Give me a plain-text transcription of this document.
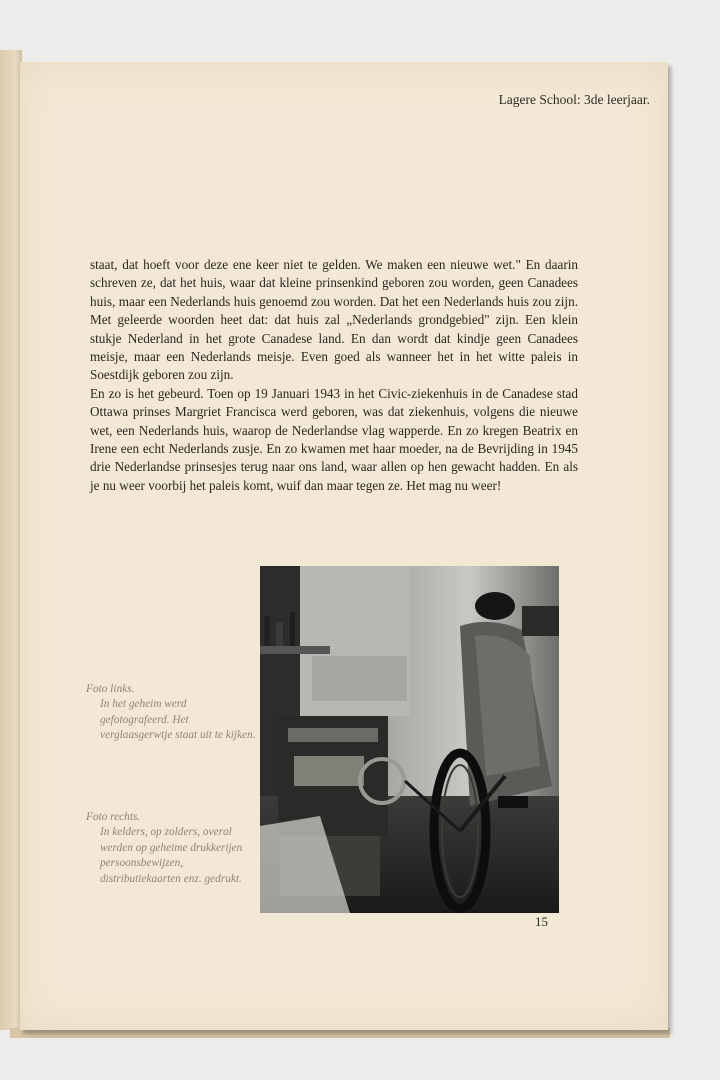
Lagere School: 3de leerjaar.

staat, dat hoeft voor deze ene keer niet te gelden. We maken een nieuwe wet." En daarin schreven ze, dat het huis, waar dat kleine prinsenkind geboren zou worden, geen Canadees huis, maar een Nederlands huis genoemd zou worden. Dat het een Nederlands huis zou zijn. Met geleerde woorden heet dat: dat huis zal „Nederlands grondgebied" zijn. Een klein stukje Nederland in het grote Canadese land. En dan wordt dat kindje geen Canadees meisje, maar een Nederlands meisje. Even goed als wanneer het in het witte paleis in Soestdijk geboren zou zijn.

En zo is het gebeurd. Toen op 19 Januari 1943 in het Civic-ziekenhuis in de Canadese stad Ottawa prinses Margriet Francisca werd geboren, was dat ziekenhuis, volgens die nieuwe wet, een Nederlands huis, waarop de Nederlandse vlag wapperde. En zo kregen Beatrix en Irene een echt Nederlands zusje. En zo kwamen met haar moeder, na de Bevrijding in 1945 drie Nederlandse prinsesjes terug naar ons land, waar allen op hen gewacht hadden. En als je nu weer voorbij het paleis komt, wuif dan maar tegen ze. Het mag nu weer!

Foto links.
In het geheim werd gefotografeerd. Het verglaasgerwtje staat uit te kijken.
Foto rechts.
In kelders, op zolders, overal werden op geheime drukkerijen persoonsbewijzen, distributiekaarten enz. gedrukt.
15
